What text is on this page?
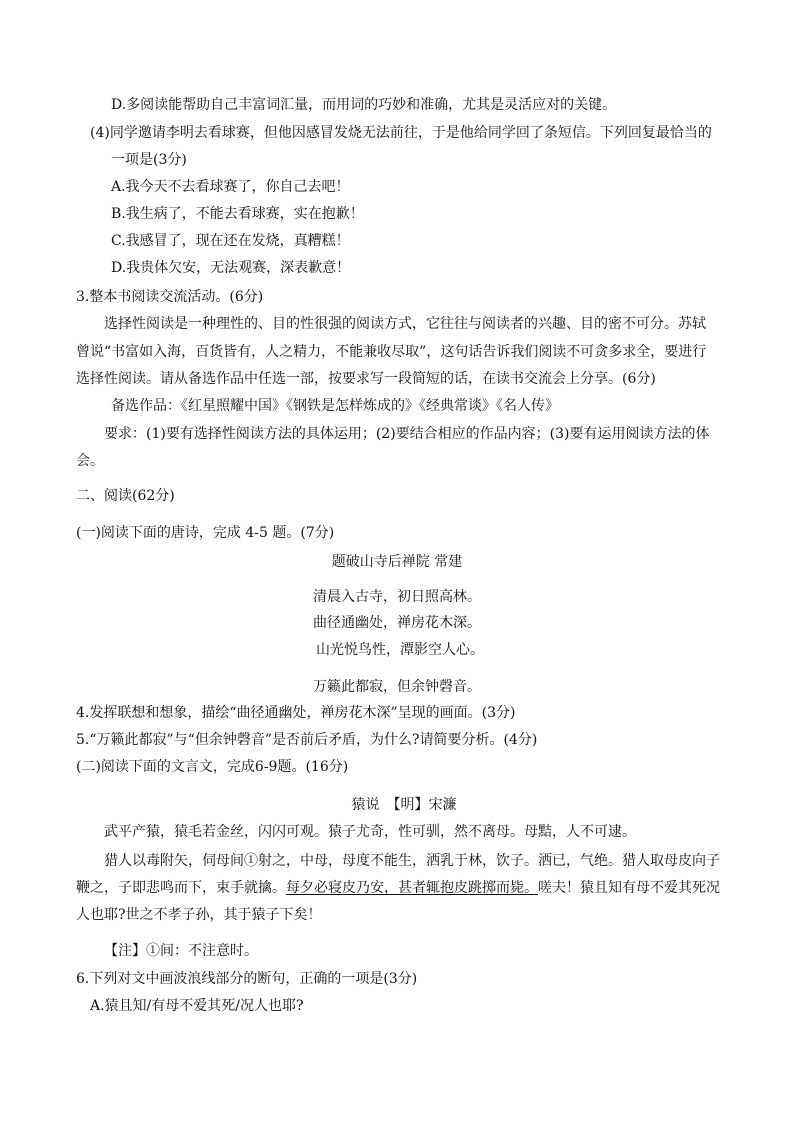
D.多阅读能帮助自己丰富词汇量，而用词的巧妙和准确，尤其是灵活应对的关键。
(4)同学邀请李明去看球赛，但他因感冒发烧无法前往，于是他给同学回了条短信。下列回复最恰当的
一项是(3分)
A.我今天不去看球赛了，你自己去吧！
B.我生病了，不能去看球赛，实在抱歉！
C.我感冒了，现在还在发烧，真糟糕！
D.我贵体欠安，无法观赛，深表歉意！
3.整本书阅读交流活动。(6分)
选择性阅读是一种理性的、目的性很强的阅读方式，它往往与阅读者的兴趣、目的密不可分。苏轼
曾说“书富如入海，百货皆有，人之精力，不能兼收尽取”，这句话告诉我们阅读不可贪多求全，要进行
选择性阅读。请从备选作品中任选一部，按要求写一段简短的话，在读书交流会上分享。(6分)
备选作品：《红星照耀中国》《钢铁是怎样炼成的》《经典常谈》《名人传》
要求：(1)要有选择性阅读方法的具体运用；(2)要结合相应的作品内容；(3)要有运用阅读方法的体
会。
二、阅读(62分)
(一)阅读下面的唐诗，完成 4-5 题。(7分)
题破山寺后禅院 常建
清晨入古寺，初日照高林。
曲径通幽处，禅房花木深。
山光悦鸟性，潭影空人心。
万籁此都寂，但余钟磬音。
4.发挥联想和想象，描绘“曲径通幽处，禅房花木深”呈现的画面。(3分)
5.“万籁此都寂”与“但余钟磬音”是否前后矛盾，为什么?请简要分析。(4分)
(二)阅读下面的文言文，完成6-9题。(16分)
猿说　【明】宋濂
武平产猿，猿毛若金丝，闪闪可观。猿子尤奇，性可驯，然不离母。母黠，人不可逮。
猎人以毒附矢，伺母间①射之，中母，母度不能生，洒乳于林，饮子。洒已，气绝。猎人取母皮向子
鞭之，子即悲鸣而下，束手就擒。每夕必寝皮乃安，甚者辄抱皮跳掷而毙。嗟夫！猿且知有母不爱其死况
人也耶?世之不孝子孙，其于猿子下矣！
【注】①间：不注意时。
6.下列对文中画波浪线部分的断句，正确的一项是(3分)
A.猿且知/有母不爱其死/况人也耶?
